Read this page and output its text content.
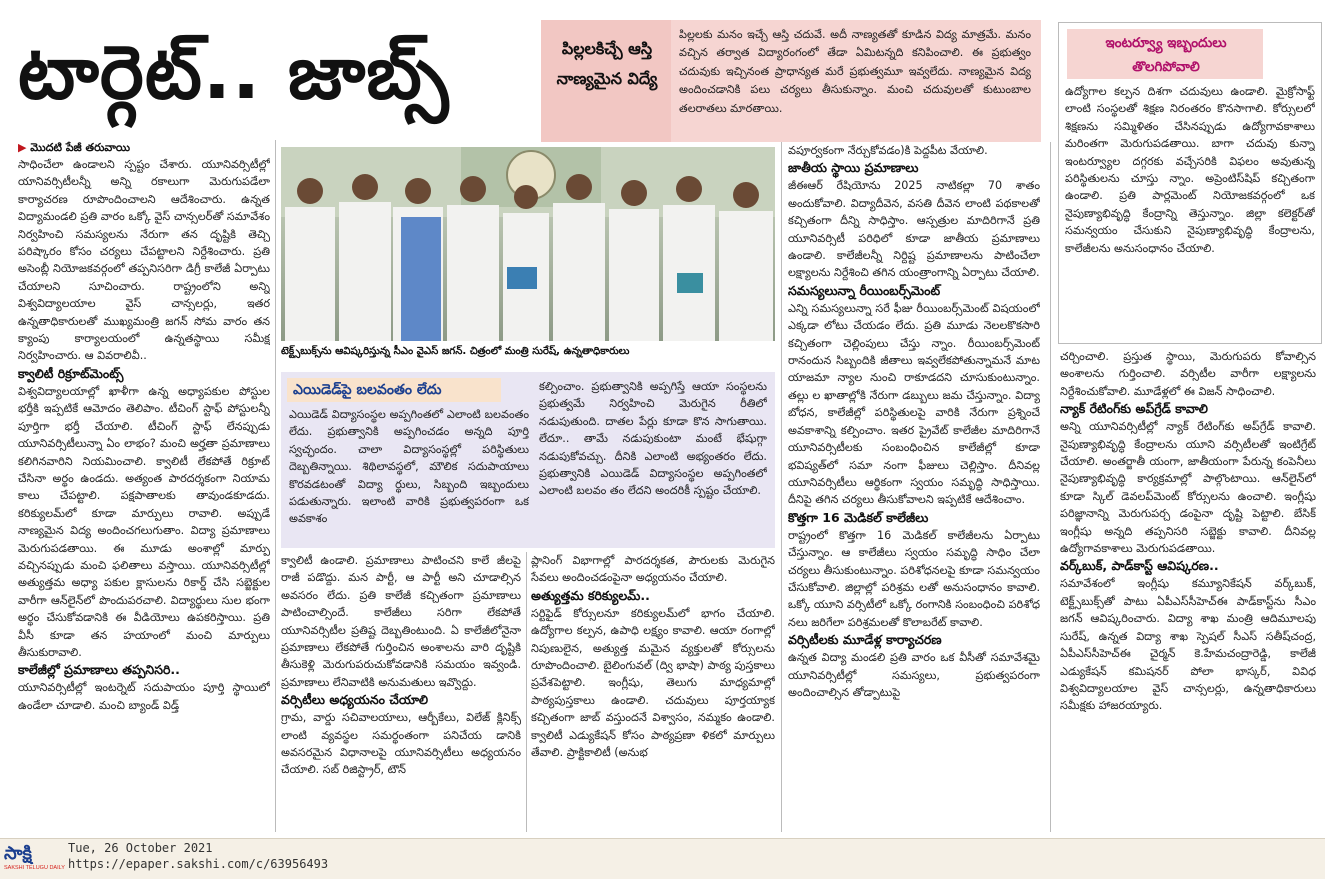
టార్గెట్.. జాబ్స్	పిల్లలకిచ్చే ఆస్తి నాణ్యమైన విద్యే
పిల్లలకు మనం ఇచ్చే ఆస్తి చదువే. అదీ నాణ్యతతో కూడిన విద్య మాత్రమే. మనం వచ్చిన తర్వాత విద్యారంగంలో తేడా ఏమిటన్నది కనిపించాలి. ఈ ప్రభుత్వం చదువుకు ఇచ్చినంత ప్రాధాన్యత మరే ప్రభుత్వమూ ఇవ్వలేదు. నాణ్యమైన విద్య అందించడానికి పలు చర్యలు తీసుకున్నాం. మంచి చదువులతో కుటుంబాల తలరాతలు మారతాయి.
ఇంటర్వ్యూ ఇబ్బందులు తొలగిపోవాలి
ఉద్యోగాల కల్పన దిశగా చదువులు ఉండాలి. మైక్రోసాఫ్ట్ లాంటి సంస్థలతో శిక్షణ నిరంతరం కొనసాగాలి. కోర్సులలో శిక్షణను సమ్మిళితం చేసినప్పుడు ఉద్యోగావకాశాలు మరింతగా మెరుగుపడతాయి. బాగా చదువు కున్నా ఇంటర్వ్యూల దగ్గరకు వచ్చేసరికి విఫలం అవుతున్న పరిస్థితులను చూస్తు న్నాం. అప్రెంటిస్‌షిప్ కచ్చితంగా ఉండాలి. ప్రతి పార్లమెంట్ నియోజకవర్గంలో ఒక నైపుణ్యాభివృద్ధి కేంద్రాన్ని తెస్తున్నాం. జిల్లా కలెక్టర్‌తో సమన్వయం చేసుకుని నైపుణ్యాభివృద్ధి కేంద్రాలను, కాలేజీలను అనుసంధానం చేయాలి.
టెక్ట్స్‌బుక్స్‌ను ఆవిష్కరిస్తున్న సీఎం వైఎస్ జగన్. చిత్రంలో మంత్రి సురేష్, ఉన్నతాధికారులు
ఎయిడెడ్‌పై బలవంతం లేదు
ఎయిడెడ్ విద్యాసంస్థల అప్పగింతలో ఎలాంటి బలవంతం లేదు. ప్రభుత్వానికి అప్పగించడం అన్నది పూర్తి స్వచ్ఛందం. చాలా విద్యాసంస్థల్లో పరిస్థితులు దెబ్బతిన్నాయి. శిథిలావస్థలో, మౌలిక సదుపాయాలు కొరవడటంతో విద్యా ర్థులు, సిబ్బంది ఇబ్బందులు పడుతున్నారు. ఇలాంటి వారికి ప్రభుత్వపరంగా ఒక అవకాశం
కల్పించాం. ప్రభుత్వానికి అప్పగిస్తే ఆయా సంస్థలను ప్రభుత్వమే నిర్వహించి మెరుగైన రీతిలో నడుపుతుంది. దాతల పేర్లు కూడా కొన సాగుతాయి. లేదూ.. తామే నడుపుకుంటా మంటే భేషుగ్గా నడుపుకోవచ్చు. దీనికి ఎలాంటి అభ్యంతరం లేదు. ప్రభుత్వానికి ఎయిడెడ్ విద్యాసంస్థల అప్పగింతలో ఎలాంటి బలవం తం లేదని అందరికీ స్పష్టం చేయాలి.
▶ మొదటి పేజీ తరువాయి
సాధించేలా ఉండాలని స్పష్టం చేశారు. యూనివర్సిటీల్లో యానివర్సిటీలన్నీ అన్ని రకాలుగా మెరుగుపడేలా కార్యాచరణ రూపొందించాలని ఆదేశించారు. ఉన్నత విద్యామండలి ప్రతి వారం ఒక్కో వైస్ చాన్సలర్‌తో సమావేశం నిర్వహించి సమస్యలను నేరుగా తన దృష్టికి తెచ్చి పరిష్కారం కోసం చర్యలు చేపట్టాలని నిర్దేశించారు. ప్రతి అసెంబ్లీ నియోజకవర్గంలో తప్పనిసరిగా డిగ్రీ కాలేజీ ఏర్పాటు చేయాలని సూచించారు. రాష్ట్రంలోని అన్ని విశ్వవిద్యాలయాల వైస్ చాన్సలర్లు, ఇతర ఉన్నతాధికారులతో ముఖ్యమంత్రి జగన్ సోమ వారం తన క్యాంపు కార్యాలయంలో ఉన్నతస్థాయి సమీక్ష నిర్వహించారు. ఆ వివరాలివీ..
క్వాలిటీ రిక్రూట్‌మెంట్స్
విశ్వవిద్యాలయాల్లో ఖాళీగా ఉన్న అధ్యాపకుల పోస్టుల భర్తీకి ఇప్పటికే ఆమోదం తెలిపాం. టీచింగ్ స్టాఫ్ పోస్టులన్నీ పూర్తిగా భర్తీ చేయాలి. టీచింగ్ స్టాఫ్ లేనప్పుడు యూనివర్సిటీలున్నా ఏం లాభం? మంచి అర్హతా ప్రమాణాలు కలిగినవారిని నియమించాలి. క్వాలిటీ లేకపోతే రిక్రూట్ చేసినా అర్థం ఉండదు. అత్యంత పారదర్శకంగా నియామ కాలు చేపట్టాలి. పక్షపాతాలకు తావుండకూడదు. కరిక్యులమ్‌లో కూడా మార్పులు రావాలి. అప్పుడే నాణ్యమైన విద్య అందించగలుగుతాం. విద్యా ప్రమాణాలు మెరుగుపడతాయి. ఈ మూడు అంశాల్లో మార్పు వచ్చినప్పుడు మంచి ఫలితాలు వస్తాయి. యూనివర్సిటీల్లో అత్యుత్తమ అధ్యా పకుల క్లాసులను రికార్డ్ చేసి సబ్జెక్టుల వారీగా ఆన్‌లైన్‌లో పొందుపరచాలి. విద్యార్థులు సుల భంగా అర్థం చేసుకోవడానికి ఈ వీడియోలు ఉపకరిస్తాయి. ప్రతి వీసీ కూడా తన హయాంలో మంచి మార్పులు తీసుకురావాలి.
కాలేజీల్లో ప్రమాణాలు తప్పనిసరి..
యూనివర్సిటీల్లో ఇంటర్నెట్ సదుపాయం పూర్తి స్థాయిలో ఉండేలా చూడాలి. మంచి బ్యాండ్ విడ్త్
క్వాలిటీ ఉండాలి. ప్రమాణాలు పాటించని కాలే జీలపై రాజీ పడొద్దు. మన పార్టీ, ఆ పార్టీ అని చూడాల్సిన అవసరం లేదు. ప్రతి కాలేజీ కచ్చితంగా ప్రమాణాలు పాటించాల్సిందే. కాలేజీలు సరిగా లేకపోతే యూనివర్సిటీల ప్రతిష్ట దెబ్బతింటుంది. ఏ కాలేజీలోనైనా ప్రమాణాలు లేకపోతే గుర్తించిన అంశాలను వారి దృష్టికి తీసుకెళ్లి మెరుగుపరుచుకోవడానికి సమయం ఇవ్వండి. ప్రమాణాలు లేనివాటికి అనుమతులు ఇవ్వొద్దు.
వర్సిటీలు అధ్యయనం చేయాలి
గ్రామ, వార్డు సచివాలయాలు, ఆర్బీకేలు, విలేజ్ క్లినిక్స్ లాంటి వ్యవస్థల సమర్థంతంగా పనిచేయ డానికి అవసరమైన విధానాలపై యూనివర్సిటీలు అధ్యయనం చేయాలి. సబ్ రిజిస్ట్రార్, టౌన్
ప్లానింగ్ విభాగాల్లో పారదర్శకత, పౌరులకు మెరుగైన సేవలు అందించడంపైనా అధ్యయనం చేయాలి.
అత్యుత్తమ కరిక్యులమ్..
సర్టిఫైడ్ కోర్సులనూ కరిక్యులమ్‌లో భాగం చేయాలి. ఉద్యోగాల కల్పన, ఉపాధి లక్ష్యం కావాలి. ఆయా రంగాల్లో నిపుణులైన, అత్యుత్త మమైన వ్యక్తులతో కోర్సులను రూపొందించాలి. బైలింగువల్ (ద్వి భాషా) పాఠ్య పుస్తకాలు ప్రవేశపెట్టాలి. ఇంగ్లీషు, తెలుగు మాధ్యమాల్లో పాఠ్యపుస్తకాలు ఉండాలి. చదువులు పూర్తయ్యాక కచ్చితంగా జాబ్ వస్తుందనే విశ్వాసం, నమ్మకం ఉండాలి. క్వాలిటీ ఎడ్యుకేషన్ కోసం పాఠ్యప్రణా ళికలో మార్పులు తేవాలి. ప్రాక్టికాలిటీ (అనుభ
వపూర్వకంగా నేర్చుకోవడం)కి పెద్దపీట వేయాలి.
జాతీయ స్థాయి ప్రమాణాలు
జీఈఆర్ రేషియోను 2025 నాటికల్లా 70 శాతం అందుకోవాలి. విద్యాదీవెన, వసతి దీవెన లాంటి పథకాలతో కచ్చితంగా దీన్ని సాధిస్తాం. ఆస్పత్రుల మాదిరిగానే ప్రతి యూనివర్సిటీ పరిధిలో కూడా జాతీయ ప్రమాణాలు ఉండాలి. కాలేజీలన్నీ నిర్దిష్ట ప్రమాణాలను పాటించేలా లక్ష్యాలను నిర్దేశించి తగిన యంత్రాంగాన్ని ఏర్పాటు చేయాలి.
సమస్యలున్నా రీయింబర్స్‌మెంట్
ఎన్ని సమస్యలున్నా సరే ఫీజు రీయింబర్స్‌మెంట్ విషయంలో ఎక్కడా లోటు చేయడం లేదు. ప్రతి మూడు నెలలకొకసారి కచ్చితంగా చెల్లింపులు చేస్తు న్నాం. రీయింబర్స్‌మెంట్ రానందున సిబ్బందికి జీతాలు ఇవ్వలేకపోతున్నామనే మాట యాజమా న్యాల నుంచి రాకూడదని చూసుకుంటున్నాం. తల్లు ల ఖాతాల్లోకి నేరుగా డబ్బులు జమ చేస్తున్నాం. విద్యా బోధన, కాలేజీల్లో పరిస్థితులపై వారికి నేరుగా ప్రశ్నించే అవకాశాన్ని కల్పించాం. ఇతర ప్రైవేట్ కాలేజీల మాదిరిగానే యూనివర్సిటీలకు సంబంధించిన కాలేజీల్లో కూడా భవిష్యత్‌లో సమా నంగా ఫీజులు చెల్లిస్తాం. దీనివల్ల యూనివర్సిటీలు ఆర్థికంగా స్వయం సమృద్ధి సాధిస్తాయి. దీనిపై తగిన చర్యలు తీసుకోవాలని ఇప్పటికే ఆదేశించాం.
కొత్తగా 16 మెడికల్ కాలేజీలు
రాష్ట్రంలో కొత్తగా 16 మెడికల్ కాలేజీలను ఏర్పాటు చేస్తున్నాం. ఆ కాలేజీలు స్వయం సమృద్ధి సాధిం చేలా చర్యలు తీసుకుంటున్నాం. పరిశోధనలపై కూడా సమన్వయం చేసుకోవాలి. జిల్లాల్లో పరిశ్రమ లతో అనుసంధానం కావాలి. ఒక్కో యూని వర్సిటీలో ఒక్కో రంగానికి సంబంధించి పరిశోధ నలు జరిగేలా పరిశ్రమలతో కొలాబరేట్ కావాలి.
వర్సిటీలకు మూడేళ్ల కార్యాచరణ
ఉన్నత విద్యా మండలి ప్రతి వారం ఒక వీసీతో సమావేశమై యూనివర్సిటీల్లో సమస్యలు, ప్రభుత్వపరంగా అందించాల్సిన తోడ్పాటుపై
చర్చించాలి. ప్రస్తుత స్థాయి, మెరుగుపరు కోవాల్సిన అంశాలను గుర్తించాలి. వర్సిటీల వారీగా లక్ష్యాలను నిర్దేశించుకోవాలి. మూడేళ్లలో ఈ విజన్ సాధించాలి.
న్యాక్ రేటింగ్‌కు అప్‌గ్రేడ్ కావాలి
అన్ని యూనివర్సిటీల్లో న్యాక్ రేటింగ్‌కు అప్‌గ్రేడ్ కావాలి. నైపుణ్యాభివృద్ధి కేంద్రాలను యూని వర్సిటీలతో ఇంటిగ్రేట్ చేయాలి. అంతర్జాతీ యంగా, జాతీయంగా పేరున్న కంపెనీలు నైపుణ్యాభివృద్ధి కార్యక్రమాల్లో పాల్గొంటాయి. ఆన్‌లైన్‌లో కూడా స్కిల్ డెవలప్‌మెంట్ కోర్సులను ఉంచాలి. ఇంగ్లీషు పరిజ్ఞానాన్ని మెరుగుపర్చ డంపైనా దృష్టి పెట్టాలి. బేసిక్ ఇంగ్లీషు అన్నది తప్పనిసరి సబ్జెక్టు కావాలి. దీనివల్ల ఉద్యోగావకాశాలు మెరుగుపడతాయి.
వర్క్‌బుక్, పాడ్‌కాస్ట్ ఆవిష్కరణ..
సమావేశంలో ఇంగ్లీషు కమ్యూనికేషన్ వర్క్‌బుక్, టెక్ట్స్‌బుక్స్‌తో పాటు ఏపీఎస్‌సీహెచ్‌ఈ పాడ్‌కాస్ట్‌ను సీఎం జగన్ ఆవిష్కరించారు. విద్యా శాఖ మంత్రి ఆదిమూలపు సురేష్, ఉన్నత విద్యా శాఖ స్పెషల్ సీఎస్ సతీష్‌చంద్ర, ఏపీఎస్‌సీహెచ్‌ఈ చైర్మన్ కె.హేమచంద్రారెడ్డి, కాలేజీ ఎడ్యుకేషన్ కమిషనర్ పోలా భాస్కర్, వివిధ విశ్వవిద్యాలయాల వైస్ చాన్సలర్లు, ఉన్నతాధికారులు సమీక్షకు హాజరయ్యారు.
సాక్షి
SAKSHI TELUGU DAILY
Tue, 26 October 2021
https://epaper.sakshi.com/c/63956493
